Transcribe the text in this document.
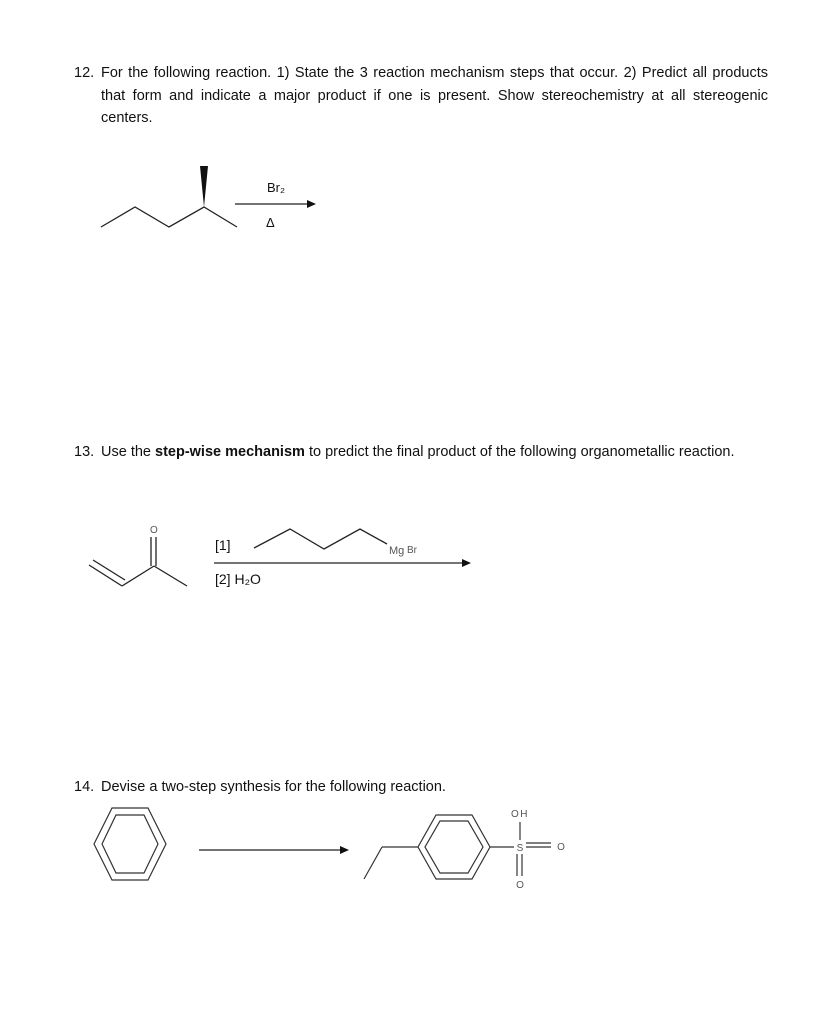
12. For the following reaction. 1) State the 3 reaction mechanism steps that occur. 2) Predict all products that form and indicate a major product if one is present. Show stereochemistry at all stereogenic centers.
13. Use the step-wise mechanism to predict the final product of the following organometallic reaction.
14. Devise a two-step synthesis for the following reaction.
Br₂
Δ
[1]
[2] H₂O
O
Mg Br
OH
S	O
O
